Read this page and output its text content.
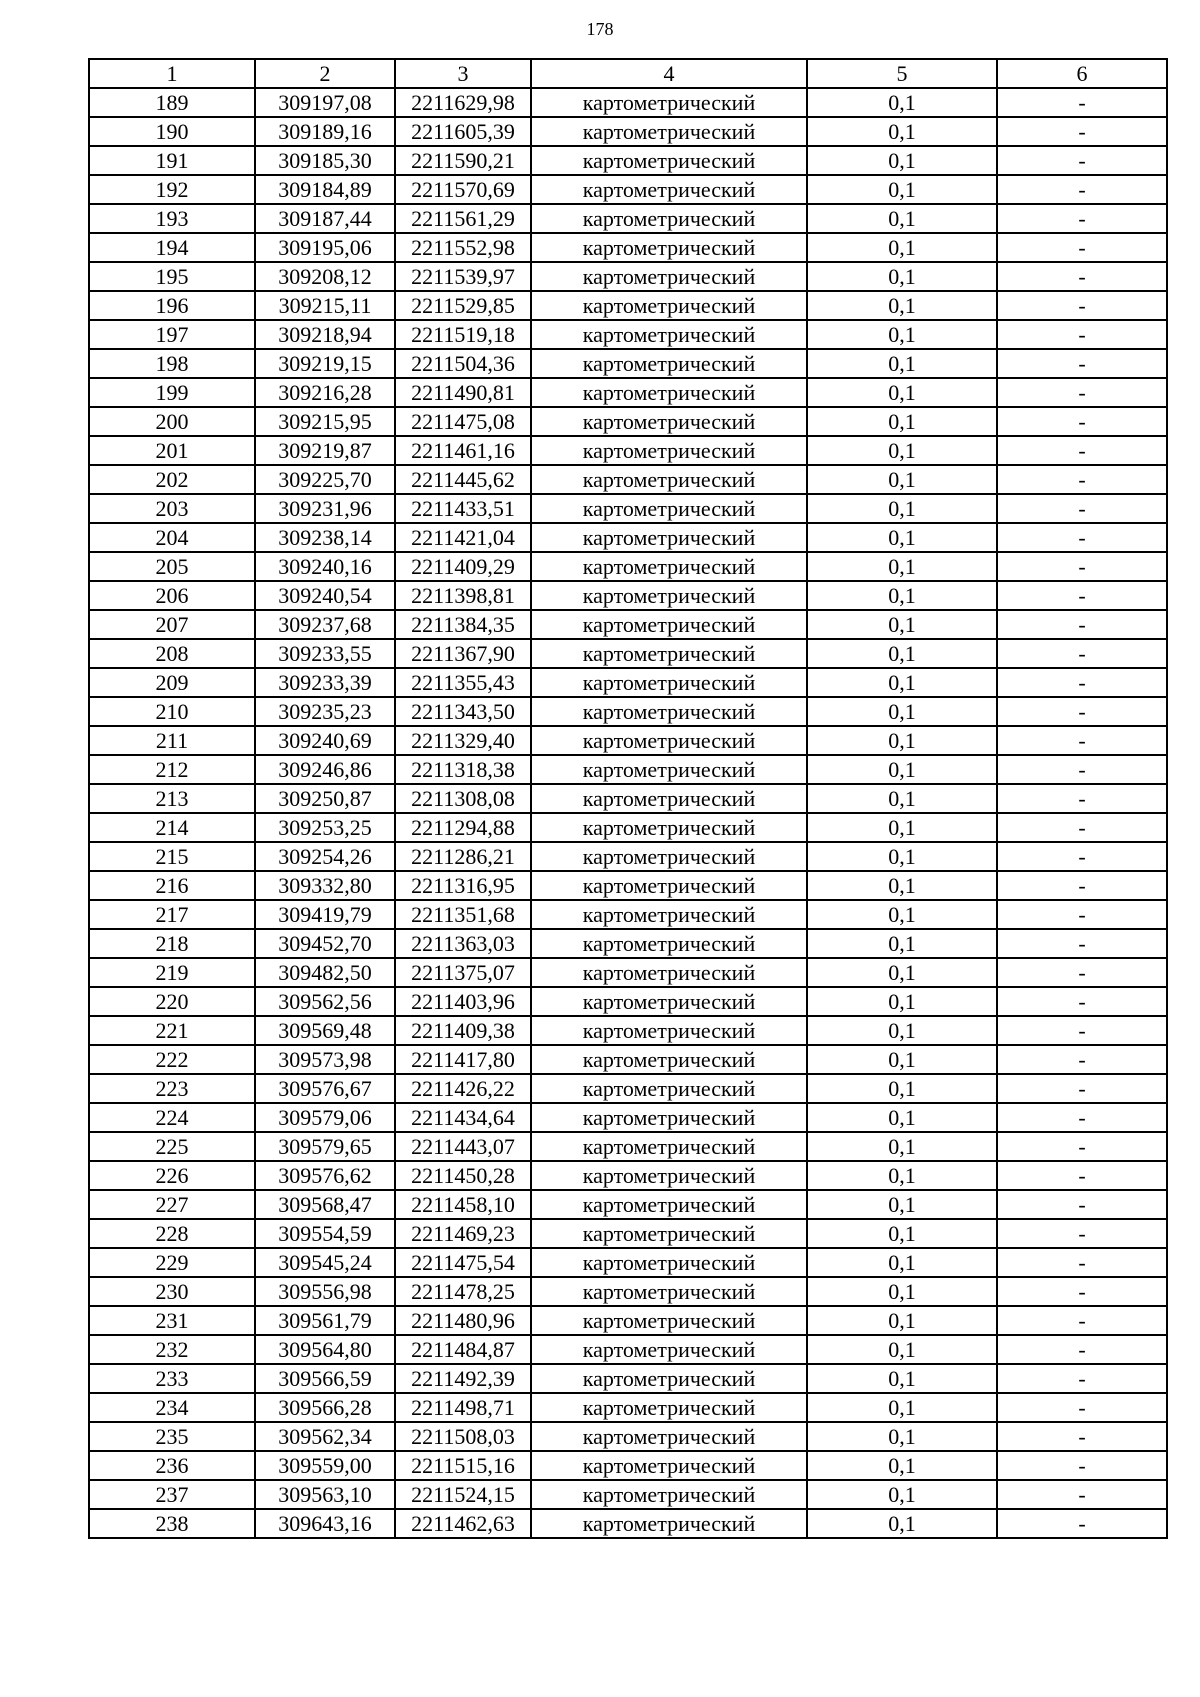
178
1	2	3	4	5	6
189	309197,08	2211629,98	картометрический	0,1	-
190	309189,16	2211605,39	картометрический	0,1	-
191	309185,30	2211590,21	картометрический	0,1	-
192	309184,89	2211570,69	картометрический	0,1	-
193	309187,44	2211561,29	картометрический	0,1	-
194	309195,06	2211552,98	картометрический	0,1	-
195	309208,12	2211539,97	картометрический	0,1	-
196	309215,11	2211529,85	картометрический	0,1	-
197	309218,94	2211519,18	картометрический	0,1	-
198	309219,15	2211504,36	картометрический	0,1	-
199	309216,28	2211490,81	картометрический	0,1	-
200	309215,95	2211475,08	картометрический	0,1	-
201	309219,87	2211461,16	картометрический	0,1	-
202	309225,70	2211445,62	картометрический	0,1	-
203	309231,96	2211433,51	картометрический	0,1	-
204	309238,14	2211421,04	картометрический	0,1	-
205	309240,16	2211409,29	картометрический	0,1	-
206	309240,54	2211398,81	картометрический	0,1	-
207	309237,68	2211384,35	картометрический	0,1	-
208	309233,55	2211367,90	картометрический	0,1	-
209	309233,39	2211355,43	картометрический	0,1	-
210	309235,23	2211343,50	картометрический	0,1	-
211	309240,69	2211329,40	картометрический	0,1	-
212	309246,86	2211318,38	картометрический	0,1	-
213	309250,87	2211308,08	картометрический	0,1	-
214	309253,25	2211294,88	картометрический	0,1	-
215	309254,26	2211286,21	картометрический	0,1	-
216	309332,80	2211316,95	картометрический	0,1	-
217	309419,79	2211351,68	картометрический	0,1	-
218	309452,70	2211363,03	картометрический	0,1	-
219	309482,50	2211375,07	картометрический	0,1	-
220	309562,56	2211403,96	картометрический	0,1	-
221	309569,48	2211409,38	картометрический	0,1	-
222	309573,98	2211417,80	картометрический	0,1	-
223	309576,67	2211426,22	картометрический	0,1	-
224	309579,06	2211434,64	картометрический	0,1	-
225	309579,65	2211443,07	картометрический	0,1	-
226	309576,62	2211450,28	картометрический	0,1	-
227	309568,47	2211458,10	картометрический	0,1	-
228	309554,59	2211469,23	картометрический	0,1	-
229	309545,24	2211475,54	картометрический	0,1	-
230	309556,98	2211478,25	картометрический	0,1	-
231	309561,79	2211480,96	картометрический	0,1	-
232	309564,80	2211484,87	картометрический	0,1	-
233	309566,59	2211492,39	картометрический	0,1	-
234	309566,28	2211498,71	картометрический	0,1	-
235	309562,34	2211508,03	картометрический	0,1	-
236	309559,00	2211515,16	картометрический	0,1	-
237	309563,10	2211524,15	картометрический	0,1	-
238	309643,16	2211462,63	картометрический	0,1	-
